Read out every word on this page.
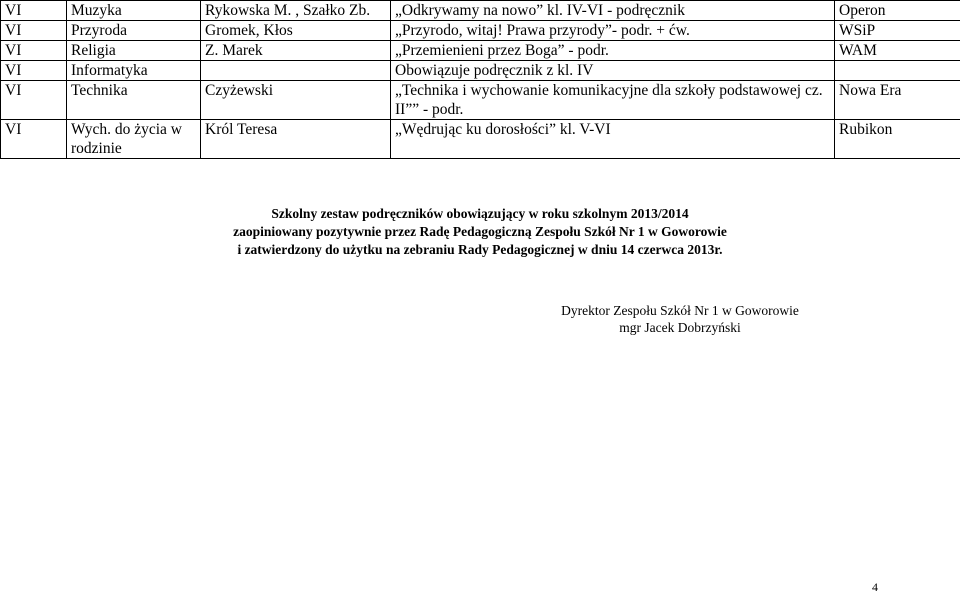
VI	Muzyka	Rykowska M. , Szałko Zb.	„Odkrywamy na nowo” kl. IV-VI - podręcznik	Operon
VI	Przyroda	Gromek, Kłos	„Przyrodo, witaj! Prawa przyrody”- podr. + ćw.	WSiP
VI	Religia	Z. Marek	„Przemienieni przez Boga” - podr.	WAM
VI	Informatyka		Obowiązuje podręcznik z kl. IV	
VI	Technika	Czyżewski	„Technika i wychowanie komunikacyjne dla szkoły podstawowej cz. II”” - podr.	Nowa Era
VI	Wych. do życia w rodzinie	Król Teresa	„Wędrując ku dorosłości” kl. V-VI	Rubikon
Szkolny zestaw podręczników obowiązujący w roku szkolnym 2013/2014
zaopiniowany pozytywnie przez Radę Pedagogiczną Zespołu Szkół Nr 1 w Goworowie
i zatwierdzony do użytku na zebraniu Rady Pedagogicznej w dniu 14 czerwca 2013r.
Dyrektor Zespołu Szkół Nr 1 w Goworowie
mgr Jacek Dobrzyński
4
